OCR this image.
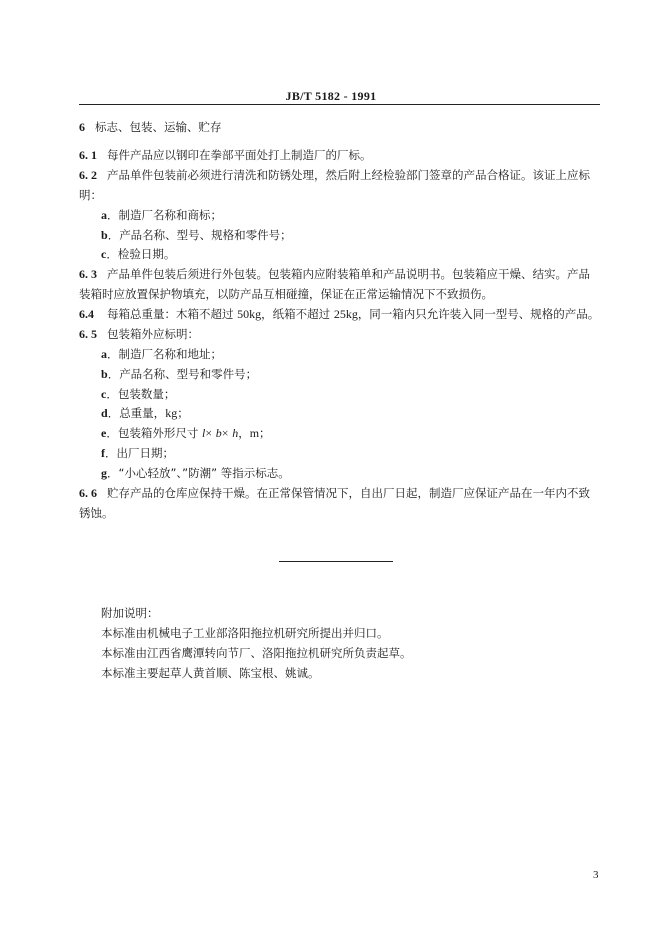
JB/T 5182 - 1991
6 标志、包装、运输、贮存
6. 1 每件产品应以钢印在拳部平面处打上制造厂的厂标。
6. 2 产品单件包装前必须进行清洗和防锈处理，然后附上经检验部门签章的产品合格证。该证上应标
明：
a．制造厂名称和商标；
b．产品名称、型号、规格和零件号；
c．检验日期。
6. 3 产品单件包装后须进行外包装。包装箱内应附装箱单和产品说明书。包装箱应干燥、结实。产品
装箱时应放置保护物填充，以防产品互相碰撞，保证在正常运输情况下不致损伤。
6.4 每箱总重量：木箱不超过 50kg，纸箱不超过 25kg，同一箱内只允许装入同一型号、规格的产品。
6. 5 包装箱外应标明：
a．制造厂名称和地址；
b．产品名称、型号和零件号；
c．包装数量；
d．总重量，kg；
e．包装箱外形尺寸 l× b× h，m；
f．出厂日期；
g．“小心轻放”、”防潮” 等指示标志。
6. 6 贮存产品的仓库应保持干燥。在正常保管情况下，自出厂日起，制造厂应保证产品在一年内不致
锈蚀。
附加说明：
本标准由机械电子工业部洛阳拖拉机研究所提出并归口。
本标准由江西省鹰潭转向节厂、洛阳拖拉机研究所负责起草。
本标准主要起草人黄首顺、陈宝根、姚诚。
3
